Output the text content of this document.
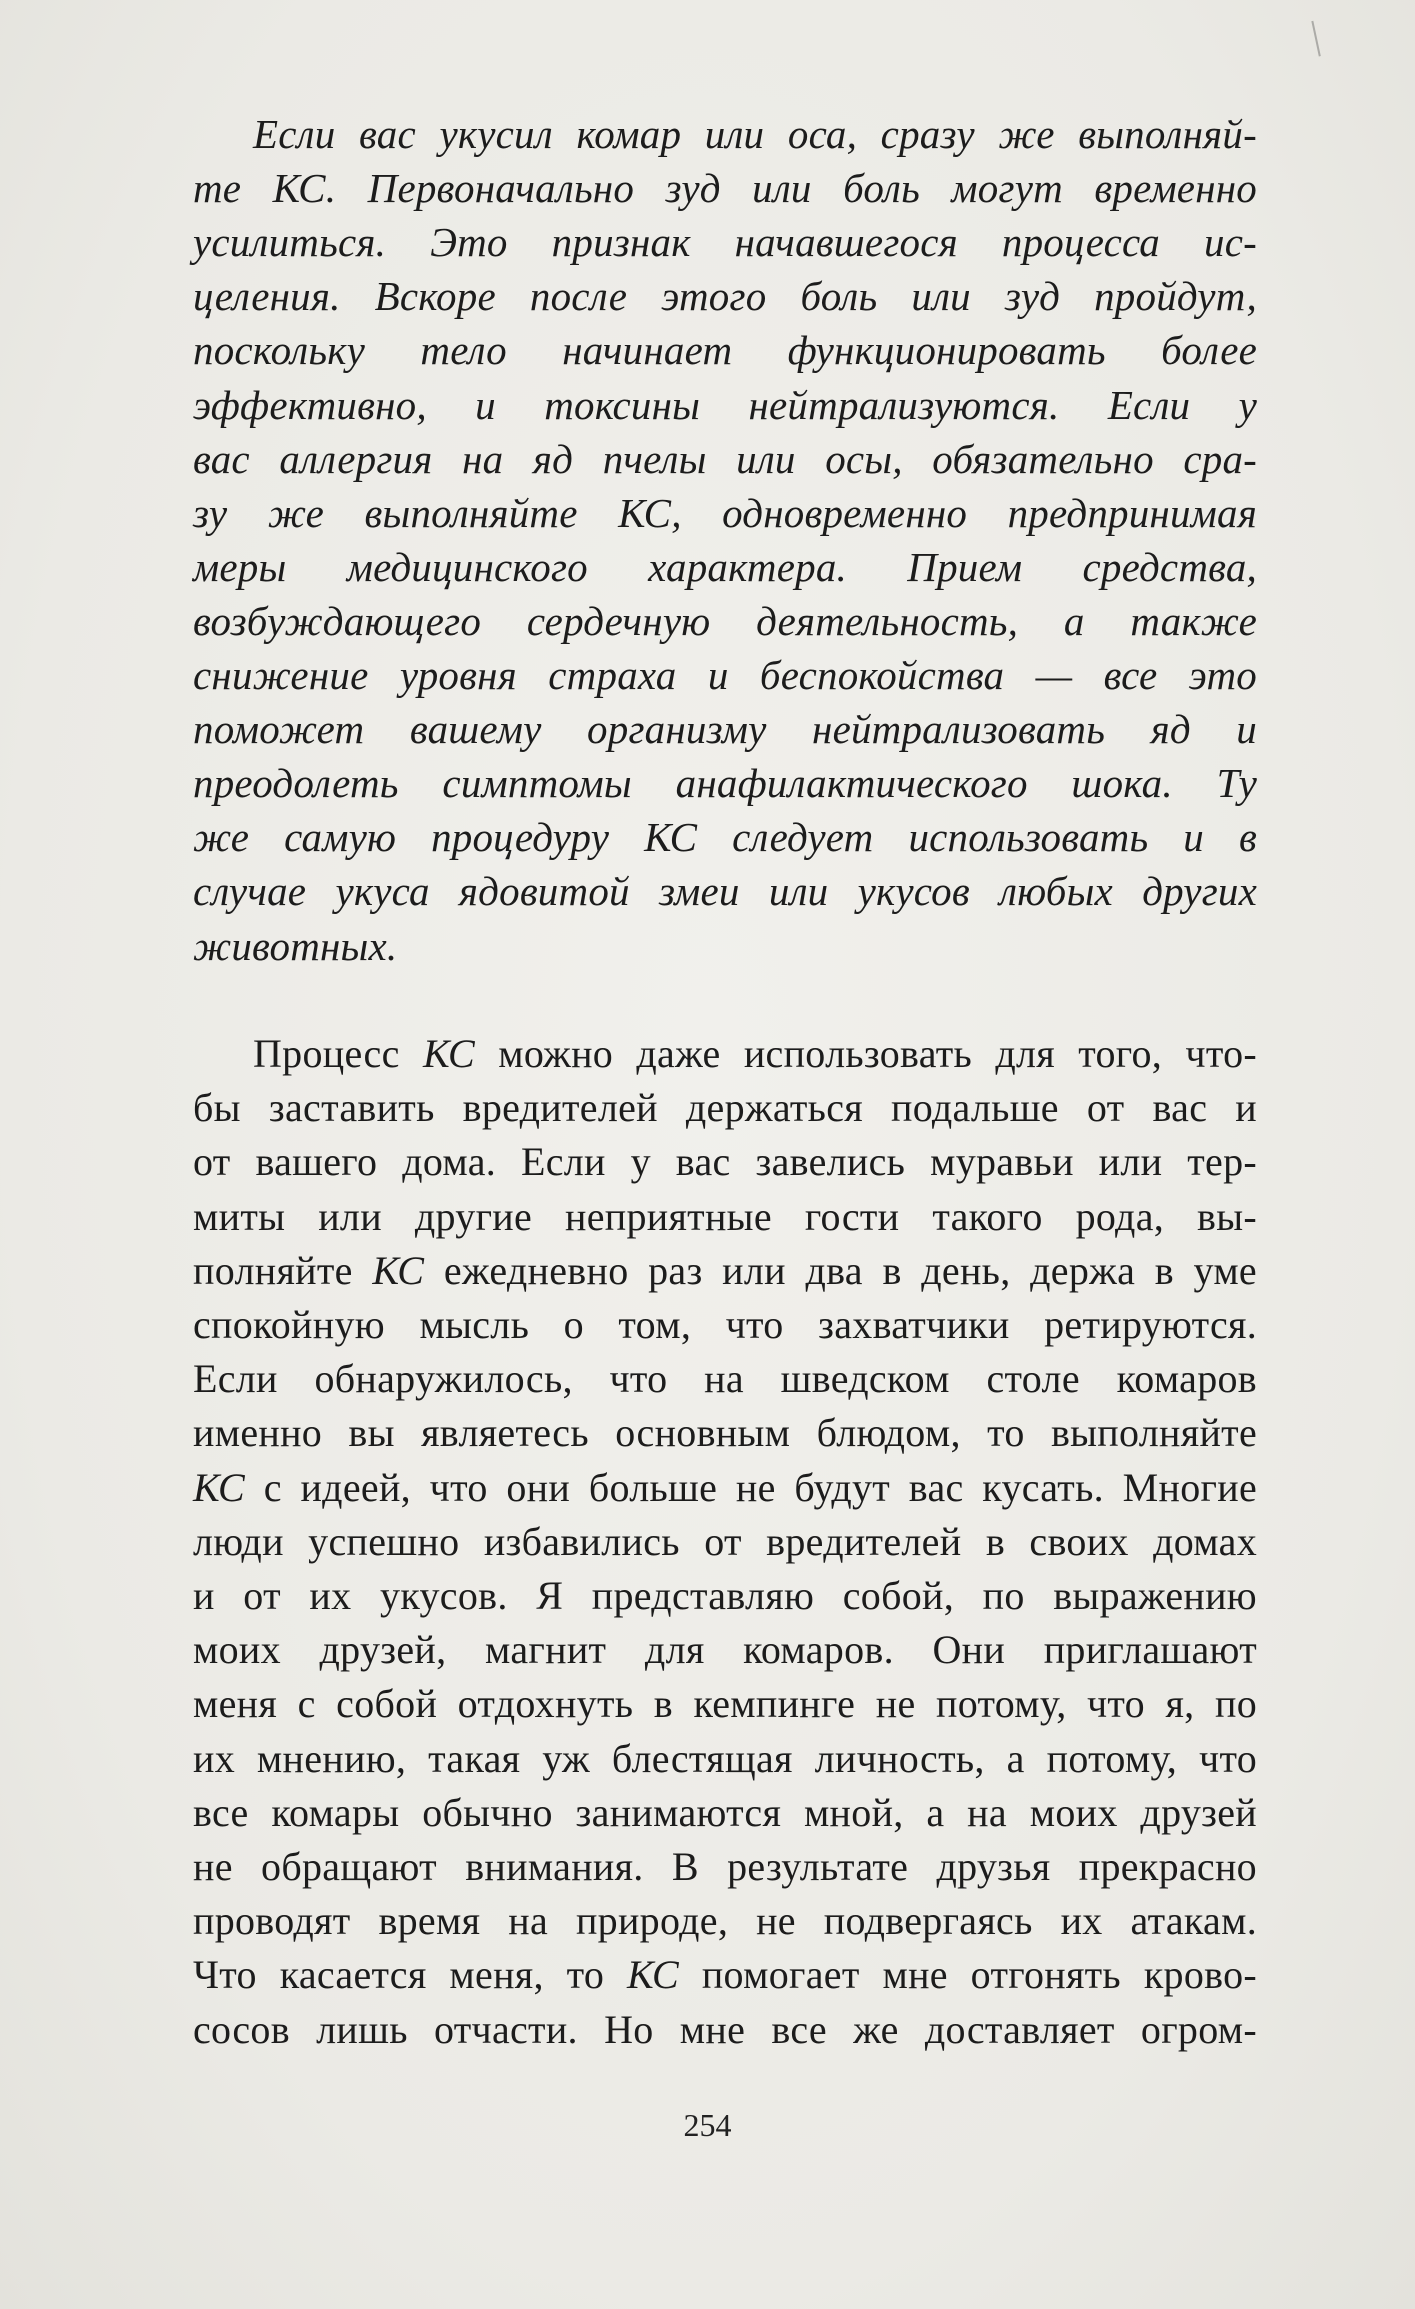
Если вас укусил комар или оса, сразу же выполняй-
те КС. Первоначально зуд или боль могут временно
усилиться. Это признак начавшегося процесса ис-
целения. Вскоре после этого боль или зуд пройдут,
поскольку тело начинает функционировать более
эффективно, и токсины нейтрализуются. Если у
вас аллергия на яд пчелы или осы, обязательно сра-
зу же выполняйте КС, одновременно предпринимая
меры медицинского характера. Прием средства,
возбуждающего сердечную деятельность, а также
снижение уровня страха и беспокойства — все это
поможет вашему организму нейтрализовать яд и
преодолеть симптомы анафилактического шока. Ту
же самую процедуру КС следует использовать и в
случае укуса ядовитой змеи или укусов любых других
животных.
Процесс КС можно даже использовать для того, что-
бы заставить вредителей держаться подальше от вас и
от вашего дома. Если у вас завелись муравьи или тер-
миты или другие неприятные гости такого рода, вы-
полняйте КС ежедневно раз или два в день, держа в уме
спокойную мысль о том, что захватчики ретируются.
Если обнаружилось, что на шведском столе комаров
именно вы являетесь основным блюдом, то выполняйте
КС с идеей, что они больше не будут вас кусать. Многие
люди успешно избавились от вредителей в своих домах
и от их укусов. Я представляю собой, по выражению
моих друзей, магнит для комаров. Они приглашают
меня с собой отдохнуть в кемпинге не потому, что я, по
их мнению, такая уж блестящая личность, а потому, что
все комары обычно занимаются мной, а на моих друзей
не обращают внимания. В результате друзья прекрасно
проводят время на природе, не подвергаясь их атакам.
Что касается меня, то КС помогает мне отгонять крово-
сосов лишь отчасти. Но мне все же доставляет огром-
254
